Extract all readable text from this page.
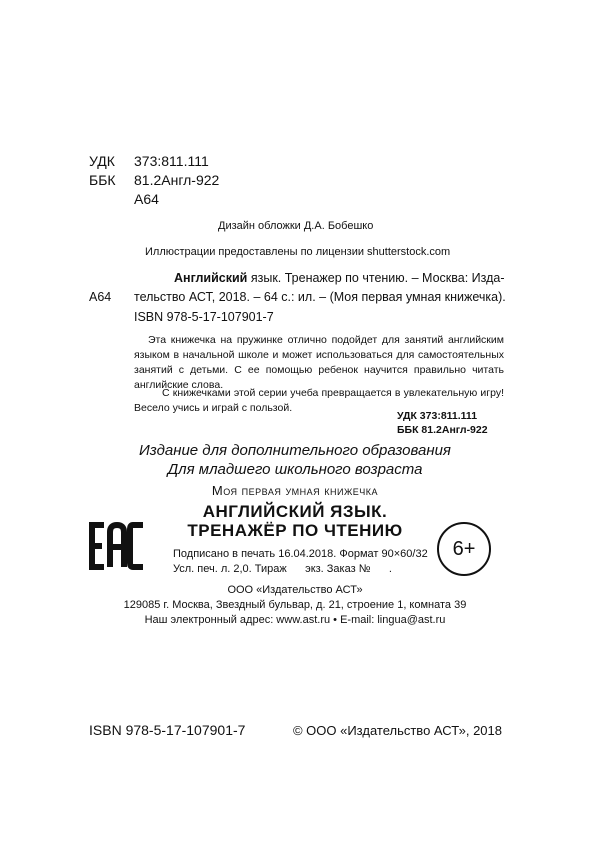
УДК 373:811.111
ББК 81.2Англ-922
А64
Дизайн обложки Д.А. Бобешко
Иллюстрации предоставлены по лицензии shutterstock.com
А64
Английский язык. Тренажер по чтению. – Москва: Изда-
тельство АСТ, 2018. – 64 с.: ил. – (Моя первая умная книжечка).
ISBN 978-5-17-107901-7
Эта книжечка на пружинке отлично подойдет для занятий английским языком в начальной школе и может использоваться для самостоятельных занятий с детьми. С ее помощью ребенок научится правильно читать английские слова.
С книжечками этой серии учеба превращается в увлекательную игру! Весело учись и играй с пользой.
УДК 373:811.111
ББК 81.2Англ-922
Издание для дополнительного образования
Для младшего школьного возраста
Моя первая умная книжечка
АНГЛИЙСКИЙ ЯЗЫК.
ТРЕНАЖЁР ПО ЧТЕНИЮ
6+
Подписано в печать 16.04.2018. Формат 90×60/32
Усл. печ. л. 2,0. Тираж      экз. Заказ №      .
ООО «Издательство АСТ»
129085 г. Москва, Звездный бульвар, д. 21, строение 1, комната 39
Наш электронный адрес: www.ast.ru • E-mail: lingua@ast.ru
ISBN 978-5-17-107901-7	© ООО «Издательство АСТ», 2018
